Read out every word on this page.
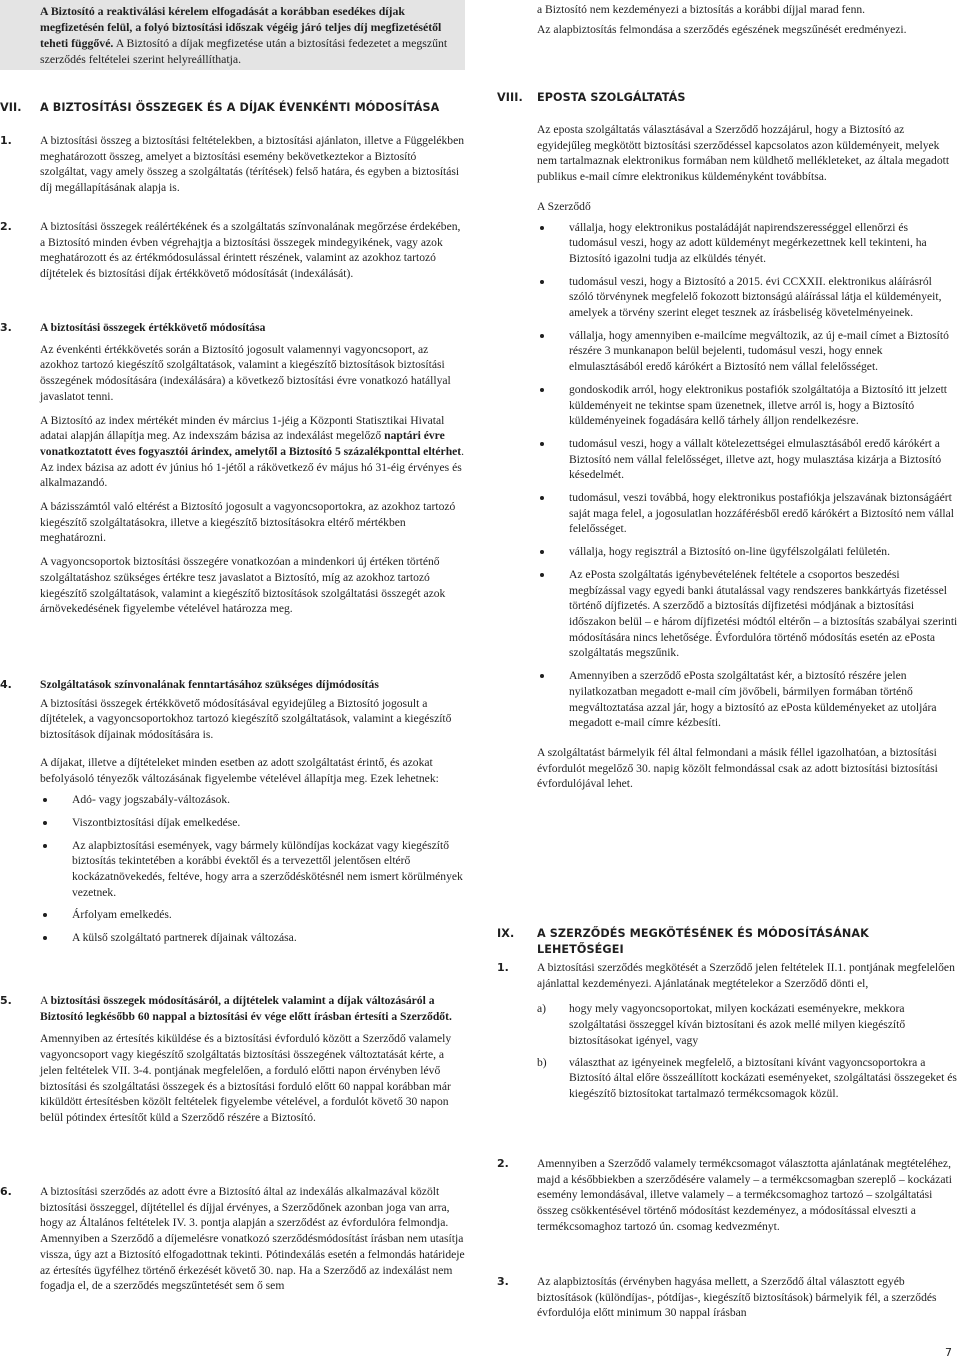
A Biztosító a reaktiválási kérelem elfogadását a korábban esedékes díjak megfizetésén felül, a folyó biztosítási időszak végéig járó teljes díj megfizetésétől teheti függővé. A Biztosító a díjak megfizetése után a biztosítási fedezetet a megszűnt szerződés feltételei szerint helyreállíthatja.
VII. A BIZTOSÍTÁSI ÖSSZEGEK ÉS A DÍJAK ÉVENKÉNTI MÓDOSÍTÁSA
1. A biztosítási összeg a biztosítási feltételekben, a biztosítási ajánlaton, illetve a Függelékben meghatározott összeg, amelyet a biztosítási esemény bekövetkeztekor a Biztosító szolgáltat, vagy amely összeg a szolgáltatás (térítések) felső határa, és egyben a biztosítási díj megállapításának alapja is.

2. A biztosítási összegek reálértékének és a szolgáltatás színvonalának megőrzése érdekében, a Biztosító minden évben végrehajtja a biztosítási összegek mindegyikének, vagy azok meghatározott és az értékmódosulással érintett részének, valamint az azokhoz tartozó díjtételek és biztosítási díjak értékkövető módosítását (indexálását).

3. A biztosítási összegek értékkövető módosítása

Az évenkénti értékkövetés során a Biztosító jogosult valamennyi vagyoncsoport, az azokhoz tartozó kiegészítő szolgáltatások, valamint a kiegészítő biztosítások biztosítási összegének módosítására (indexálására) a következő biztosítási évre vonatkozó hatállyal javaslatot tenni.

A Biztosító az index mértékét minden év március 1-jéig a Központi Statisztikai Hivatal adatai alapján állapítja meg. Az indexszám bázisa az indexálást megelőző naptári évre vonatkoztatott éves fogyasztói árindex, amelytől a Biztosító 5 százalékponttal eltérhet. Az index bázisa az adott év június hó 1-jétől a rákövetkező év május hó 31-éig érvényes és alkalmazandó.

A bázisszámtól való eltérést a Biztosító jogosult a vagyoncsoportokra, az azokhoz tartozó kiegészítő szolgáltatásokra, illetve a kiegészítő biztosításokra eltérő mértékben meghatározni.

A vagyoncsoportok biztosítási összegére vonatkozóan a mindenkori új értéken történő szolgáltatáshoz szükséges értékre tesz javaslatot a Biztosító, míg az azokhoz tartozó kiegészítő szolgáltatások, valamint a kiegészítő biztosítások szolgáltatási összegét azok árnövekedésének figyelembe vételével határozza meg.

4. Szolgáltatások színvonalának fenntartásához szükséges díjmódosítás

A biztosítási összegek értékkövető módosításával egyidejűleg a Biztosító jogosult a díjtételek, a vagyoncsoportokhoz tartozó kiegészítő szolgáltatások, valamint a kiegészítő biztosítások díjainak módosítására is.

A díjakat, illetve a díjtételeket minden esetben az adott szolgáltatást érintő, és azokat befolyásoló tényezők változásának figyelembe vételével állapítja meg. Ezek lehetnek:

Adó- vagy jogszabály-változások.

Viszontbiztosítási díjak emelkedése.

Az alapbiztosítási események, vagy bármely különdíjas kockázat vagy kiegészítő biztosítás tekintetében a korábbi évektől és a tervezettől jelentősen eltérő kockázatnövekedés, feltéve, hogy arra a szerződéskötésnél nem ismert körülmények vezetnek.

Árfolyam emelkedés.

A külső szolgáltató partnerek díjainak változása.

5. A biztosítási összegek módosításáról, a díjtételek valamint a díjak változásáról a Biztosító legkésőbb 60 nappal a biztosítási év vége előtt írásban értesíti a Szerződőt.

Amennyiben az értesítés kiküldése és a biztosítási évforduló között a Szerződő valamely vagyoncsoport vagy kiegészítő szolgáltatás biztosítási összegének változtatását kérte, a jelen feltételek VII. 3-4. pontjának megfelelően, a forduló előtti napon érvényben lévő biztosítási és szolgáltatási összegek és a biztosítási forduló előtt 60 nappal korábban már kiküldött értesítésben közölt feltételek figyelembe vételével, a fordulót követő 30 napon belül pótindex értesítőt küld a Szerződő részére a Biztosító.

6. A biztosítási szerződés az adott évre a Biztosító által az indexálás alkalmazával közölt biztosítási összeggel, díjtétellel és díjjal érvényes, a Szerződőnek azonban joga van arra, hogy az Általános feltételek IV. 3. pontja alapján a szerződést az évfordulóra felmondja. Amennyiben a Szerződő a díjemelésre vonatkozó szerződésmódosítást írásban nem utasítja vissza, úgy azt a Biztosító elfogadottnak tekinti. Pótindexálás esetén a felmondás határideje az értesítés ügyfélhez történő érkezését követő 30. nap. Ha a Szerződő az indexálást nem fogadja el, de a szerződés megszűntetését sem ő sem

a Biztosító nem kezdeményezi a biztosítás a korábbi díjjal marad fenn.

Az alapbiztosítás felmondása a szerződés egészének megszűnését eredményezi.

VIII. EPOSTA SZOLGÁLTATÁS

Az eposta szolgáltatás választásával a Szerződő hozzájárul, hogy a Biztosító az egyidejűleg megkötött biztosítási szerződéssel kapcsolatos azon küldeményeit, melyek nem tartalmaznak elektronikus formában nem küldhető mellékleteket, az általa megadott publikus e-mail címre elektronikus küldeményként továbbítsa.

A Szerződő

vállalja, hogy elektronikus postaládáját napirendszerességgel ellenőrzi és tudomásul veszi, hogy az adott küldeményt megérkezettnek kell tekinteni, ha Biztosító igazolni tudja az elküldés tényét.

tudomásul veszi, hogy a Biztosító a 2015. évi CCXXII. elektronikus aláírásról szóló törvénynek megfelelő fokozott biztonságú aláírással látja el küldeményeit, amelyek a törvény szerint eleget tesznek az írásbeliség követelményeinek.

vállalja, hogy amennyiben e-mailcíme megváltozik, az új e-mail címet a Biztosító részére 3 munkanapon belül bejelenti, tudomásul veszi, hogy ennek elmulasztásából eredő kárókért a Biztosító nem vállal felelősséget.

gondoskodik arról, hogy elektronikus postafiók szolgáltatója a Biztosító itt jelzett küldeményeit ne tekintse spam üzenetnek, illetve arról is, hogy a Biztosító küldeményeinek fogadására kellő tárhely álljon rendelkezésre.

tudomásul veszi, hogy a vállalt kötelezettségei elmulasztásából eredő kárókért a Biztosító nem vállal felelősséget, illetve azt, hogy mulasztása kizárja a Biztosító késedelmét.

tudomásul, veszi továbbá, hogy elektronikus postafiókja jelszavának biztonságáért saját maga felel, a jogosulatlan hozzáférésből eredő kárókért a Biztosító nem vállal felelősséget.

vállalja, hogy regisztrál a Biztosító on-line ügyfélszolgálati felületén.

Az ePosta szolgáltatás igénybevételének feltétele a csoportos beszedési megbízással vagy egyedi banki átutalással vagy rendszeres bankkártyás fizetéssel történő díjfizetés. A szerződő a biztosítás díjfizetési módjának a biztosítási időszakon belül – e három díjfizetési módtól eltérőn – a biztosítás szabályai szerinti módosítására nincs lehetősége. Évfordulóra történő módosítás esetén az ePosta szolgáltatás megszűnik.

Amennyiben a szerződő ePosta szolgáltatást kér, a biztosító részére jelen nyilatkozatban megadott e-mail cím jövőbeli, bármilyen formában történő megváltoztatása azzal jár, hogy a biztosító az ePosta küldeményeket az utoljára megadott e-mail címre kézbesíti.

A szolgáltatást bármelyik fél által felmondani a másik féllel igazolhatóan, a biztosítási évfordulót megelőző 30. napig közölt felmondással csak az adott biztosítási biztosítási évfordulójával lehet.

IX. A SZERZŐDÉS MEGKÖTÉSÉNEK ÉS MÓDOSÍTÁSÁNAK LEHETŐSÉGEI
1. A biztosítási szerződés megkötését a Szerződő jelen feltételek II.1. pontjának megfelelően ajánlattal kezdeményezi. Ajánlatának megtételekor a Szerződő dönti el,

a) hogy mely vagyoncsoportokat, milyen kockázati eseményekre, mekkora szolgáltatási összeggel kíván biztosítani és azok mellé milyen kiegészítő biztosításokat igényel, vagy

b) választhat az igényeinek megfelelő, a biztosítani kívánt vagyoncsoportokra a Biztosító által előre összeállított kockázati eseményeket, szolgáltatási összegeket és kiegészítő biztosítokat tartalmazó termékcsomagok közül.

2. Amennyiben a Szerződő valamely termékcsomagot választotta ajánlatának megtételéhez, majd a későbbiekben a szerződésére valamely – a termékcsomagban szereplő – kockázati esemény lemondásával, illetve valamely – a termékcsomaghoz tartozó – szolgáltatási összeg csökkentésével történő módosítást kezdeményez, a módosítással elveszti a termékcsomaghoz tartozó ún. csomag kedvezményt.

3. Az alapbiztosítás (érvényben hagyása mellett, a Szerződő által választott egyéb biztosítások (különdíjas-, pótdíjas-, kiegészítő biztosítások) bármelyik fél, a szerződés évfordulója előtt minimum 30 nappal írásban

7
